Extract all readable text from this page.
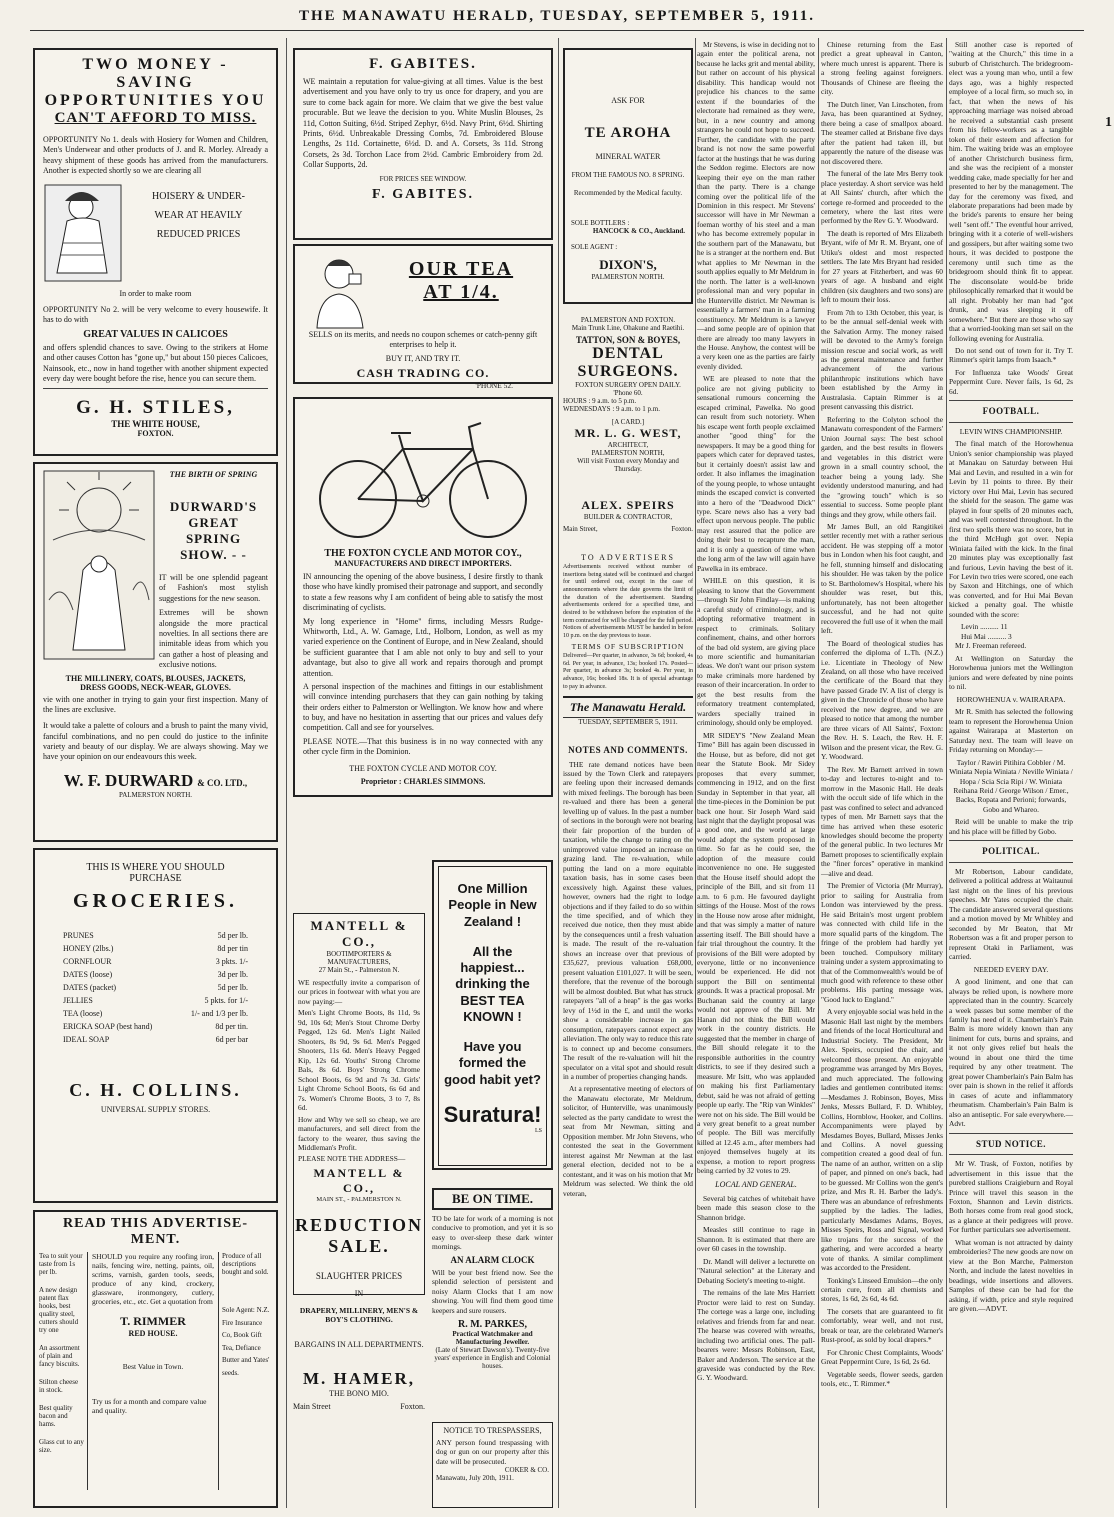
THE MANAWATU HERALD, TUESDAY, SEPTEMBER 5, 1911.
1
TWO MONEY - SAVING
OPPORTUNITIES YOU
CAN'T AFFORD TO MISS.
OPPORTUNITY No 1. deals with Hosiery for Women and Children, Men's Underwear and other products of J. and R. Morley. Already a heavy shipment of these goods has arrived from the manufacturers. Another is expected shortly so we are clearing all
HOISERY & UNDER-
WEAR AT HEAVILY
REDUCED PRICES
In order to make room
OPPORTUNITY No 2. will be very welcome to every housewife. It has to do with
GREAT VALUES IN CALICOES
and offers splendid chances to save. Owing to the strikers at Home and other causes Cotton has "gone up," but about 150 pieces Calicoes, Nainsook, etc., now in hand together with another shipment expected every day were bought before the rise, hence you can secure them.
G. H. STILES,
THE WHITE HOUSE,
FOXTON.
THE BIRTH OF SPRING
DURWARD'S
GREAT SPRING
SHOW. - -
IT will be one splendid pageant of Fashion's most stylish suggestions for the new season.
Extremes will be shown alongside the more practical novelties. In all sections there are inimitable ideas from which you can gather a host of pleasing and exclusive notions.
THE MILLINERY, COATS, BLOUSES, JACKETS, DRESS GOODS, NECK-WEAR, GLOVES.
vie with one another in trying to gain your first inspection. Many of the lines are exclusive.
It would take a palette of colours and a brush to paint the many vivid, fanciful combinations, and no pen could do justice to the infinite variety and beauty of our display. We are always showing. May we have your opinion on our endeavours this week.
W. F. DURWARD & CO. LTD.,
PALMERSTON NORTH.
THIS IS WHERE YOU SHOULD
PURCHASE
GROCERIES.
PRUNES	5d per lb.
HONEY (2lbs.)	8d per tin
CORNFLOUR	3 pkts. 1/-
DATES (loose)	3d per lb.
DATES (packet)	5d per lb.
JELLIES	5 pkts. for 1/-
TEA (loose)	1/- and 1/3 per lb.
ERICKA SOAP (best hand)	8d per tin.
IDEAL SOAP	6d per bar
C. H. COLLINS.
UNIVERSAL SUPPLY STORES.
READ THIS ADVERTISE-
MENT.
Tea to suit your taste from 1s per lb.
A new design patent flax hooks, best quality steel, cutters should try one
An assortment of plain and fancy biscuits.
Stilton cheese in stock.
Best quality bacon and hams.
Glass cut to any size.
SHOULD you require any roofing iron, nails, fencing wire, netting, paints, oil, scrims, varnish, garden tools, seeds, produce of any kind, crockery, glassware, ironmongery, cutlery, groceries, etc., etc. Get a quotation from
T. RIMMER
RED HOUSE.
Best Value in Town.
Try us for a month and compare value and quality.
Produce of all descriptions bought and sold.
Sole Agent: N.Z. Fire Insurance Co, Book Gift Tea, Defiance Butter and Yates' seeds.
F. GABITES.
WE maintain a reputation for value-giving at all times. Value is the best advertisement and you have only to try us once for drapery, and you are sure to come back again for more. We claim that we give the best value procurable. But we leave the decision to you. White Muslin Blouses, 2s 11d, Cotton Suiting, 6½d. Striped Zephyr, 6½d. Navy Print, 6½d. Shirting Prints, 6½d. Unbreakable Dressing Combs, 7d. Embroidered Blouse Lengths, 2s 11d. Cortainette, 6½d. D. and A. Corsets, 3s 11d. Strong Corsets, 2s 3d. Torchon Lace from 2½d. Cambric Embroidery from 2d. Collar Supports, 2d.
FOR PRICES SEE WINDOW.
F. GABITES.
OUR TEA
AT 1/4.
SELLS on its merits, and needs no coupon schemes or catch-penny gift enterprises to help it.
BUY IT, AND TRY IT.
CASH TRADING CO.
'PHONE 52.
THE FOXTON CYCLE AND MOTOR COY.,
MANUFACTURERS AND DIRECT IMPORTERS.
IN announcing the opening of the above business, I desire firstly to thank those who have kindly promised their patronage and support, and secondly to state a few reasons why I am confident of being able to satisfy the most discriminating of cyclists.
My long experience in "Home" firms, including Messrs Rudge-Whitworth, Ltd., A. W. Gamage, Ltd., Holborn, London, as well as my varied experience on the Continent of Europe, and in New Zealand, should be sufficient guarantee that I am able not only to buy and sell to your advantage, but also to give all work and repairs thorough and prompt attention.
A personal inspection of the machines and fittings in our establishment will convince intending purchasers that they can gain nothing by taking their orders either to Palmerston or Wellington. We know how and where to buy, and have no hesitation in asserting that our prices and values defy competition. Call and see for yourselves.
PLEASE NOTE.—That this business is in no way connected with any other cycle firm in the Dominion.
THE FOXTON CYCLE AND MOTOR COY.
Proprietor : CHARLES SIMMONS.
MANTELL & CO.,
BOOTIMPORTERS & MANUFACTURERS,
27 Main St., - Palmerston N.
WE respectfully invite a comparison of our prices in footwear with what you are now paying:—
Men's Light Chrome Boots, 8s 11d, 9s 9d, 10s 6d; Men's Stout Chrome Derby Pegged, 12s 6d. Men's Light Nailed Shooters, 8s 9d, 9s 6d. Men's Pegged Shooters, 11s 6d. Men's Heavy Pegged Kip, 12s 6d. Youths' Strong Chrome Bals, 8s 6d. Boys' Strong Chrome School Boots, 6s 9d and 7s 3d. Girls' Light Chrome School Boots, 6s 6d and 7s. Women's Chrome Boots, 3 to 7, 8s 6d.
How and Why we sell so cheap, we are manufacturers, and sell direct from the factory to the wearer, thus saving the Middleman's Profit.
PLEASE NOTE THE ADDRESS—
MANTELL & CO.,
MAIN ST., - PALMERSTON N.
One Million People in New Zealand !
All the happiest... drinking the BEST TEA KNOWN !
Have you formed the good habit yet?
Suratura!
LS
REDUCTION
SALE.
SLAUGHTER PRICES
IN
DRAPERY, MILLINERY, MEN'S & BOY'S CLOTHING.
BARGAINS IN ALL DEPARTMENTS.
M. HAMER,
THE BONO MIO.
Main Street	Foxton.
BE ON TIME.
TO be late for work of a morning is not conducive to promotion, and yet it is so easy to over-sleep these dark winter mornings.
AN ALARM CLOCK
Will be your best friend now. See the splendid selection of persistent and noisy Alarm Clocks that I am now showing. You will find them good time keepers and sure rousers.
R. M. PARKES,
Practical Watchmaker and Manufacturing Jeweller.
(Late of Stewart Dawson's). Twenty-five years' experience in English and Colonial houses.
NOTICE TO TRESPASSERS,
ANY person found trespassing with dog or gun on our property after this date will be prosecuted.
COKER & CO.
Manawatu, July 20th, 1911.
ASK FOR
TE AROHA
MINERAL WATER
FROM THE FAMOUS NO. 8 SPRING.
Recommended by the Medical faculty.
SOLE BOTTLERS :
HANCOCK & CO., Auckland.
SOLE AGENT :
DIXON'S,
PALMERSTON NORTH.
PALMERSTON AND FOXTON.
Main Trunk Line, Ohakune and Raetihi.
TATTON, SON & BOYES,
DENTAL SURGEONS.
FOXTON SURGERY OPEN DAILY.
'Phone 60.
HOURS : 9 a.m. to 5 p.m.
WEDNESDAYS : 9 a.m. to 1 p.m.
[A CARD.]
MR. L. G. WEST,
ARCHITECT,
PALMERSTON NORTH,
Will visit Foxton every Monday and Thursday.
ALEX. SPEIRS
BUILDER & CONTRACTOR,
Main Street,	Foxton.
TO ADVERTISERS
Advertisements received without number of insertions being stated will be continued and charged for until ordered out, except in the case of announcements where the date governs the limit of the duration of the advertisement. Standing advertisements ordered for a specified time, and desired to be withdrawn before the expiration of the term contracted for will be charged for the full period. Notices of advertisements MUST be handed in before 10 p.m. on the day previous to issue.
TERMS OF SUBSCRIPTION
Delivered—Per quarter, in advance, 3s 6d; booked, 4s 6d. Per year, in advance, 13s; booked 17s. Posted—Per quarter, in advance 3s; booked 4s. Per year, in advance, 16s; booked 18s. It is of special advantage to pay in advance.
The Manawatu Herald.
TUESDAY, SEPTEMBER 5, 1911.
NOTES AND COMMENTS.

THE rate demand notices have been issued by the Town Clerk and ratepayers are feeling upon their increased demands with mixed feelings. The borough has been re-valued and there has been a general levelling up of values. In the past a number of sections in the borough were not bearing their fair proportion of the burden of taxation, while the change to rating on the unimproved value imposed an increase on grazing land. The re-valuation, while putting the land on a more equitable taxation basis, has in some cases been excessively high. Against these values, however, owners had the right to lodge objections and if they failed to do so within the time specified, and of which they received due notice, then they must abide by the consequences until a fresh valuation is made. The result of the re-valuation shows an increase over that previous of £35,627, previous valuation £68,000, present valuation £101,027. It will be seen, therefore, that the revenue of the borough will be almost doubled. But what has struck ratepayers "all of a heap" is the gas works levy of 1½d in the £, and until the works show a considerable increase in gas consumption, ratepayers cannot expect any alleviation. The only way to reduce this rate is to connect up and become consumers. The result of the re-valuation will hit the speculator on a vital spot and should result in a number of properties changing hands.

At a representative meeting of electors of the Manawatu electorate, Mr Meldrum, solicitor, of Hunterville, was unanimously selected as the party candidate to wrest the seat from Mr Newman, sitting and Opposition member. Mr John Stevens, who contested the seat in the Government interest against Mr Newman at the last general election, decided not to be a contestant, and it was on his motion that Mr Meldrum was selected. We think the old veteran,

Mr Stevens, is wise in deciding not to again enter the political arena, not because he lacks grit and mental ability, but rather on account of his physical disability. This handicap would not prejudice his chances to the same extent if the boundaries of the electorate had remained as they were, but, in a new country and among strangers he could not hope to succeed. Further, the candidate with the party brand is not now the same powerful factor at the hustings that he was during the Seddon regime. Electors are now keeping their eye on the man rather than the party. There is a change coming over the political life of the Dominion in this respect. Mr Stevens' successor will have in Mr Newman a foeman worthy of his steel and a man who has become extremely popular in the southern part of the Manawatu, but he is a stranger at the northern end. But what applies to Mr Newman in the south applies equally to Mr Meldrum in the north. The latter is a well-known professional man and very popular in the Hunterville district. Mr Newman is essentially a farmers' man in a farming constituency. Mr Meldrum is a lawyer—and some people are of opinion that there are already too many lawyers in the House. Anyhow, the contest will be a very keen one as the parties are fairly evenly divided.

WE are pleased to note that the police are not giving publicity to sensational rumours concerning the escaped criminal, Pawelka. No good can result from such notoriety. When his escape went forth people exclaimed another "good thing" for the newspapers. It may be a good thing for papers which cater for depraved tastes, but it certainly doesn't assist law and order. It also inflames the imagination of the young people, to whose untaught minds the escaped convict is converted into a hero of the "Deadwood Dick" type. Scare news also has a very bad effect upon nervous people. The public may rest assured that the police are doing their best to recapture the man, and it is only a question of time when the long arm of the law will again have Pawelka in its embrace.

WHILE on this question, it is pleasing to know that the Government—through Sir John Findlay—is making a careful study of criminology, and is adopting reformative treatment in respect to criminals. Solitary confinement, chains, and other horrors of the bad old system, are giving place to more scientific and humanitarian ideas. We don't want our prison system to make criminals more hardened by reason of their incarceration. In order to get the best results from the reformatory treatment contemplated, warders specially trained in criminology, should only be employed.

MR SIDEY'S "New Zealand Mean Time" Bill has again been discussed in the House, but as before, did not get near the Statute Book. Mr Sidey proposes that every summer, commencing in 1912, and on the first Sunday in September in that year, all the time-pieces in the Dominion be put back one hour. Sir Joseph Ward said last night that the daylight proposal was a good one, and the world at large would adopt the system proposed in time. So far as he could see, the adoption of the measure could inconvenience no one. He suggested that the House itself should adopt the principle of the Bill, and sit from 11 a.m. to 6 p.m. He favoured daylight sittings of the House. Most of the rows in the House now arose after midnight, and that was simply a matter of nature asserting itself. The Bill should have a fair trial throughout the country. It the provisions of the Bill were adopted by everyone, little or no inconvenience would be experienced. He did not support the Bill on sentimental grounds. It was a practical proposal. Mr Buchanan said the country at large would not approve of the Bill. Mr Hanan did not think the Bill would work in the country districts. He suggested that the member in charge of the Bill should relegate it to the responsible authorities in the country districts, to see if they desired such a measure. Mr Isitt, who was applauded on making his first Parliamentary debut, said he was not afraid of getting people up early. The "Rip van Winkles" were not on his side. The Bill would be a very great benefit to a great number of people. The Bill was mercifully killed at 12.45 a.m., after members had enjoyed themselves hugely at its expense, a motion to report progress being carried by 32 votes to 29.

LOCAL AND GENERAL.

Several big catches of whitebait have been made this season close to the Shannon bridge.

Measles still continue to rage in Shannon. It is estimated that there are over 60 cases in the township.

Dr. Mandl will deliver a lecturette on "Natural selection" at the Literary and Debating Society's meeting to-night.

The remains of the late Mrs Harriett Proctor were laid to rest on Sunday. The cortege was a large one, including relatives and friends from far and near. The hearse was covered with wreaths, including two artificial ones. The pall-bearers were: Messrs Robinson, East, Baker and Anderson. The service at the graveside was conducted by the Rev. G. Y. Woodward.

Chinese returning from the East predict a great upheaval in Canton, where much unrest is apparent. There is a strong feeling against foreigners. Thousands of Chinese are fleeing the city.

The Dutch liner, Van Linschoten, from Java, has been quarantined at Sydney, there being a case of smallpox aboard. The steamer called at Brisbane five days after the patient had taken ill, but apparently the nature of the disease was not discovered there.

The funeral of the late Mrs Berry took place yesterday. A short service was held at All Saints' church, after which the cortege re-formed and proceeded to the cemetery, where the last rites were performed by the Rev G. Y. Woodward.

The death is reported of Mrs Elizabeth Bryant, wife of Mr R. M. Bryant, one of Utiku's oldest and most respected settlers. The late Mrs Bryant had resided for 27 years at Fitzherbert, and was 60 years of age. A husband and eight children (six daughters and two sons) are left to mourn their loss.

From 7th to 13th October, this year, is to be the annual self-denial week with the Salvation Army. The money raised will be devoted to the Army's foreign mission rescue and social work, as well as the general maintenance and further advancement of the various philanthropic institutions which have been established by the Army in Australasia. Captain Rimmer is at present canvassing this district.

Referring to the Colyton school the Manawatu correspondent of the Farmers' Union Journal says: The best school garden, and the best results in flowers and vegetables in this district were grown in a small country school, the teacher being a young lady. She evidently understood manuring, and had the "growing touch" which is so essential to success. Some people plant things and they grow, while others fail.

Mr James Bull, an old Rangitikei settler recently met with a rather serious accident. He was stepping off a motor bus in London when his foot caught, and he fell, stunning himself and dislocating his shoulder. He was taken by the police to St. Bartholomew's Hospital, where his shoulder was reset, but this, unfortunately, has not been altogether successful, and he had not quite recovered the full use of it when the mail left.

The Board of theological studies has conferred the diploma of L.Th. (N.Z.) i.e. Licentiate in Theology of New Zealand, on all those who have received the certificate of the Board that they have passed Grade IV. A list of clergy is given in the Chronicle of those who have received the new degree, and we are pleased to notice that among the number are three vicars of All Saints', Foxton: the Rev. H. S. Leach, the Rev. H. F. Wilson and the present vicar, the Rev. G. Y. Woodward.

The Rev. Mr Barnett arrived in town to-day and lectures to-night and to-morrow in the Masonic Hall. He deals with the occult side of life which in the past was confined to select and advanced types of men. Mr Barnett says that the time has arrived when these esoteric knowledges should become the property of the general public. In two lectures Mr Barnett proposes to scientifically explain the "finer forces" operative in mankind—alive and dead.

The Premier of Victoria (Mr Murray), prior to sailing for Australia from London was interviewed by the press. He said Britain's most urgent problem was connected with child life in the more squalid parts of the kingdom. The fringe of the problem had hardly yet been touched. Compulsory military training under a system approximating to that of the Commonwealth's would be of much good with reference to these other problems. His parting message was, "Good luck to England."

A very enjoyable social was held in the Masonic Hall last night by the members and friends of the local Horticultural and Industrial Society. The President, Mr Alex. Speirs, occupied the chair, and welcomed those present. An enjoyable programme was arranged by Mrs Boyes, and much appreciated. The following ladies and gentlemen contributed items:—Mesdames J. Robinson, Boyes, Miss Jenks, Messrs Bullard, F. D. Whibley, Collins, Hornblow, Hooker, and Collins. Accompaniments were played by Mesdames Boyes, Bullard, Misses Jenks and Collins. A novel guessing competition created a good deal of fun. The name of an author, written on a slip of paper, and pinned on one's back, had to be guessed. Mr Collins won the gent's prize, and Mrs R. H. Barber the lady's. There was an abundance of refreshments supplied by the ladies. The ladies, particularly Mesdames Adams, Boyes, Misses Speirs, Ross and Signal, worked like trojans for the success of the gathering, and were accorded a hearty vote of thanks. A similar compliment was accorded to the President.

Tonking's Linseed Emulsion—the only certain cure, from all chemists and stores, 1s 6d, 2s 6d, 4s 6d.

The corsets that are guaranteed to fit comfortably, wear well, and not rust, break or tear, are the celebrated Warner's Rust-proof, as sold by local drapers.*

For Chronic Chest Complaints, Woods' Great Peppermint Cure, 1s 6d, 2s 6d.

Vegetable seeds, flower seeds, garden tools, etc., T. Rimmer.*

Still another case is reported of "waiting at the Church," this time in a suburb of Christchurch. The bridegroom-elect was a young man who, until a few days ago, was a highly respected employee of a local firm, so much so, in fact, that when the news of his approaching marriage was noised abroad he received a substantial cash present from his fellow-workers as a tangible token of their esteem and affection for him. The waiting bride was an employee of another Christchurch business firm, and she was the recipient of a monster wedding cake, made specially for her and presented to her by the management. The day for the ceremony was fixed, and elaborate preparations had been made by the bride's parents to ensure her being well "sent off." The eventful hour arrived, bringing with it a coterie of well-wishers and gossipers, but after waiting some two hours, it was decided to postpone the ceremony until such time as the bridegroom should think fit to appear. The disconsolate would-be bride philosophically remarked that it would be all right. Probably her man had "got drunk, and was sleeping it off somewhere." But there are those who say that a worried-looking man set sail on the following evening for Australia.

Do not send out of town for it. Try T. Rimmer's spirit lamps from Isaach.*

For Influenza take Woods' Great Peppermint Cure. Never fails, 1s 6d, 2s 6d.

FOOTBALL.
LEVIN WINS CHAMPIONSHIP.

The final match of the Horowhenua Union's senior championship was played at Manakau on Saturday between Hui Mai and Levin, and resulted in a win for Levin by 11 points to three. By their victory over Hui Mai, Levin has secured the shield for the season. The game was played in four spells of 20 minutes each, and was well contested throughout. In the first two spells there was no score, but in the third McHugh got over. Nepia Winiata failed with the kick. In the final 20 minutes play was exceptionally fast and furious, Levin having the best of it. For Levin two tries were scored, one each by Saxon and Hitchings, one of which was converted, and for Hui Mai Bevan kicked a penalty goal. The whistle sounded with the score:

Levin .......... 11
Hui Mai .......... 3

Mr J. Freeman refereed.

At Wellington on Saturday the Horowhenua juniors met the Wellington juniors and were defeated by nine points to nil.

HOROWHENUA v. WAIRARAPA.

Mr R. Smith has selected the following team to represent the Horowhenua Union against Wairarapa at Masterton on Saturday next. The team will leave on Friday returning on Monday:—

Taylor / Rawiri Pitihira Cobbler / M. Winiata Nepia Winiata / Neville Winiata / Hopa / Scia Scia Ripi / W. Winiata Reihana Reid / George Wilson / Emer., Backs, Ropata and Perioni; forwards, Gobo and Whareo.

Reid will be unable to make the trip and his place will be filled by Gobo.

POLITICAL.

Mr Robertson, Labour candidate, delivered a political address at Waitaunui last night on the lines of his previous speeches. Mr Yates occupied the chair. The candidate answered several questions and a motion moved by Mr Whibley and seconded by Mr Beaton, that Mr Robertson was a fit and proper person to represent Otaki in Parliament, was carried.

NEEDED EVERY DAY.

A good liniment, and one that can always be relied upon, is nowhere more appreciated than in the country. Scarcely a week passes but some member of the family has need of it. Chamberlain's Pain Balm is more widely known than any liniment for cuts, burns and sprains, and it not only gives relief but heals the wound in about one third the time required by any other treatment. The great power Chamberlain's Pain Balm has over pain is shown in the relief it affords in cases of acute and inflammatory rheumatism. Chamberlain's Pain Balm is also an antiseptic. For sale everywhere.—Advt.

STUD NOTICE.

Mr W. Trask, of Foxton, notifies by advertisement in this issue that the purebred stallions Craigieburn and Royal Prince will travel this season in the Foxton, Shannon and Levin districts. Both horses come from real good stock, as a glance at their pedigrees will prove. For further particulars see advertisement.

What woman is not attracted by dainty embroideries? The new goods are now on view at the Bon Marche, Palmerston North, and include the latest novelties in beadings, wide insertions and allovers. Samples of these can be had for the asking, if width, price and style required are given.—ADVT.
